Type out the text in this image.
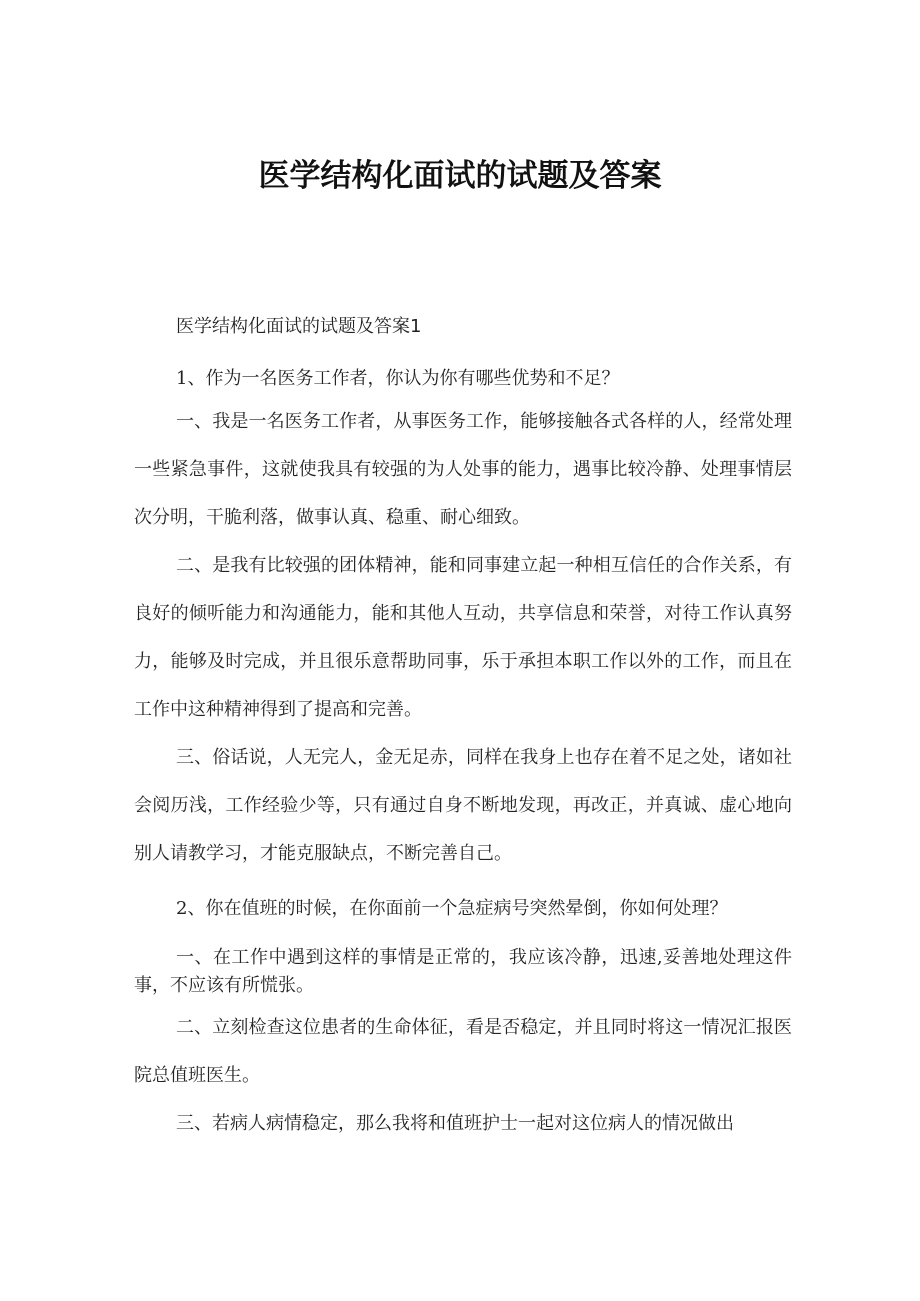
医学结构化面试的试题及答案

医学结构化面试的试题及答案1

1、作为一名医务工作者，你认为你有哪些优势和不足？

一、我是一名医务工作者，从事医务工作，能够接触各式各样的人，经常处理一些紧急事件，这就使我具有较强的为人处事的能力，遇事比较冷静、处理事情层次分明，干脆利落，做事认真、稳重、耐心细致。

二、是我有比较强的团体精神，能和同事建立起一种相互信任的合作关系，有良好的倾听能力和沟通能力，能和其他人互动，共享信息和荣誉，对待工作认真努力，能够及时完成，并且很乐意帮助同事，乐于承担本职工作以外的工作，而且在工作中这种精神得到了提高和完善。

三、俗话说，人无完人，金无足赤，同样在我身上也存在着不足之处，诸如社会阅历浅，工作经验少等，只有通过自身不断地发现，再改正，并真诚、虚心地向别人请教学习，才能克服缺点，不断完善自己。

2、你在值班的时候，在你面前一个急症病号突然晕倒，你如何处理？

一、在工作中遇到这样的事情是正常的，我应该冷静，迅速,妥善地处理这件事，不应该有所慌张。

二、立刻检查这位患者的生命体征，看是否稳定，并且同时将这一情况汇报医院总值班医生。

三、若病人病情稳定，那么我将和值班护士一起对这位病人的情况做出
